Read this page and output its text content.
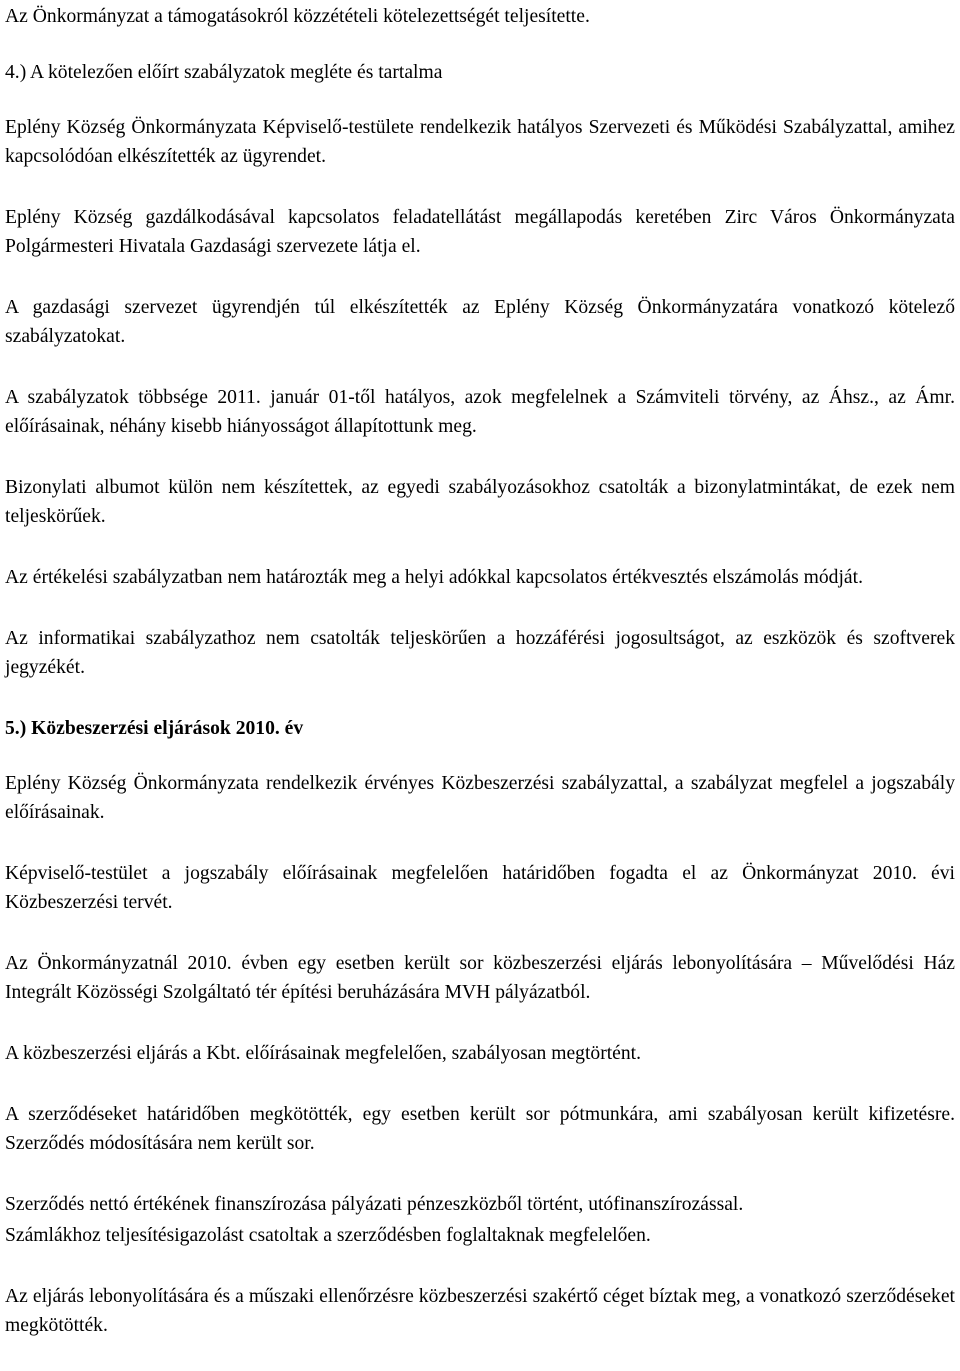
Az Önkormányzat a támogatásokról közzétételi kötelezettségét teljesítette.

4.) A kötelezően előírt szabályzatok megléte és tartalma

Eplény Község Önkormányzata Képviselő-testülete rendelkezik hatályos Szervezeti és Működési Szabályzattal, amihez kapcsolódóan elkészítették az ügyrendet.

Eplény Község gazdálkodásával kapcsolatos feladatellátást megállapodás keretében Zirc Város Önkormányzata Polgármesteri Hivatala Gazdasági szervezete látja el.

A gazdasági szervezet ügyrendjén túl elkészítették az Eplény Község Önkormányzatára vonatkozó kötelező szabályzatokat.

A szabályzatok többsége 2011. január 01-től hatályos, azok megfelelnek a Számviteli törvény, az Áhsz., az Ámr. előírásainak, néhány kisebb hiányosságot állapítottunk meg.

Bizonylati albumot külön nem készítettek, az egyedi szabályozásokhoz csatolták a bizonylatmintákat, de ezek nem teljeskörűek.

Az értékelési szabályzatban nem határozták meg a helyi adókkal kapcsolatos értékvesztés elszámolás módját.

Az informatikai szabályzathoz nem csatolták teljeskörűen a hozzáférési jogosultságot, az eszközök és szoftverek jegyzékét.

5.) Közbeszerzési eljárások 2010. év

Eplény Község Önkormányzata rendelkezik érvényes Közbeszerzési szabályzattal, a szabályzat megfelel a jogszabály előírásainak.

Képviselő-testület a jogszabály előírásainak megfelelően határidőben fogadta el az Önkormányzat 2010. évi Közbeszerzési tervét.

Az Önkormányzatnál 2010. évben egy esetben került sor közbeszerzési eljárás lebonyolítására – Művelődési Ház Integrált Közösségi Szolgáltató tér építési beruházására MVH pályázatból.

A közbeszerzési eljárás a Kbt. előírásainak megfelelően, szabályosan megtörtént.

A szerződéseket határidőben megkötötték, egy esetben került sor pótmunkára, ami szabályosan került kifizetésre. Szerződés módosítására nem került sor.

Szerződés nettó értékének finanszírozása pályázati pénzeszközből történt, utófinanszírozással.

Számlákhoz teljesítésigazolást csatoltak a szerződésben foglaltaknak megfelelően.

Az eljárás lebonyolítására és a műszaki ellenőrzésre közbeszerzési szakértő céget bíztak meg, a vonatkozó szerződéseket megkötötték.
